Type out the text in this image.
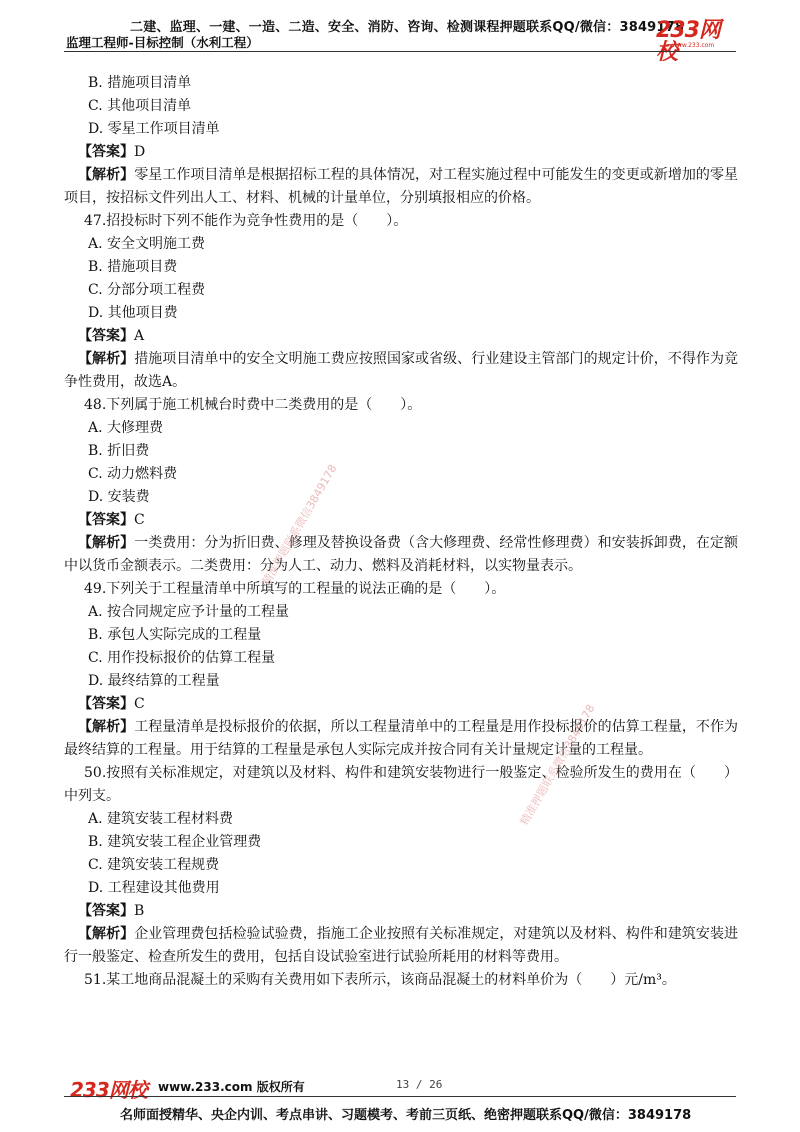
二建、监理、一建、一造、二造、安全、消防、咨询、检测课程押题联系QQ/微信：3849178
监理工程师-目标控制（水利工程）	233网校
www.233.com
B. 措施项目清单
C. 其他项目清单
D. 零星工作项目清单
【答案】D
【解析】零星工作项目清单是根据招标工程的具体情况，对工程实施过程中可能发生的变更或新增加的零星项目，按招标文件列出人工、材料、机械的计量单位，分别填报相应的价格。
47.招投标时下列不能作为竞争性费用的是（　　）。
A. 安全文明施工费
B. 措施项目费
C. 分部分项工程费
D. 其他项目费
【答案】A
【解析】措施项目清单中的安全文明施工费应按照国家或省级、行业建设主管部门的规定计价，不得作为竞争性费用，故选A。
48.下列属于施工机械台时费中二类费用的是（　　）。
A. 大修理费
B. 折旧费
C. 动力燃料费
D. 安装费
【答案】C
【解析】一类费用：分为折旧费、修理及替换设备费（含大修理费、经常性修理费）和安装拆卸费，在定额中以货币金额表示。二类费用：分为人工、动力、燃料及消耗材料，以实物量表示。
49.下列关于工程量清单中所填写的工程量的说法正确的是（　　）。
A. 按合同规定应予计量的工程量
B. 承包人实际完成的工程量
C. 用作投标报价的估算工程量
D. 最终结算的工程量
【答案】C
【解析】工程量清单是投标报价的依据，所以工程量清单中的工程量是用作投标报价的估算工程量，不作为最终结算的工程量。用于结算的工程量是承包人实际完成并按合同有关计量规定计量的工程量。
50.按照有关标准规定，对建筑以及材料、构件和建筑安装物进行一般鉴定、检验所发生的费用在（　　）中列支。
A. 建筑安装工程材料费
B. 建筑安装工程企业管理费
C. 建筑安装工程规费
D. 工程建设其他费用
【答案】B
【解析】企业管理费包括检验试验费，指施工企业按照有关标准规定，对建筑以及材料、构件和建筑安装进行一般鉴定、检查所发生的费用，包括自设试验室进行试验所耗用的材料等费用。
51.某工地商品混凝土的采购有关费用如下表所示，该商品混凝土的材料单价为（　　）元/m³。
精准押题联系微信3849178
精准押题联系微信3849178
233网校 www.233.com 版权所有	13 / 26
名师面授精华、央企内训、考点串讲、习题模考、考前三页纸、绝密押题联系QQ/微信：3849178
